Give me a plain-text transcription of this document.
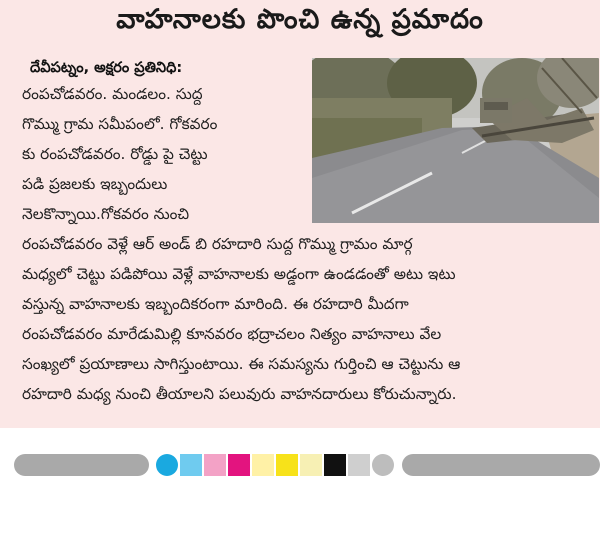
వాహనాలకు పొంచి ఉన్న ప్రమాదం
దేవీపట్నం, అక్షరం ప్రతినిధి:
రంపచోడవరం. మండలం. సుద్ద
గొమ్ము గ్రామ సమీపంలో. గోకవరం
కు రంపచోడవరం. రోడ్డు పై చెట్టు
పడి ప్రజలకు ఇబ్బందులు
నెలకొన్నాయి.గోకవరం నుంచి
రంపచోడవరం వెళ్లే ఆర్ అండ్ బి రహదారి సుద్ద గొమ్ము గ్రామం మార్గ
మధ్యలో చెట్టు పడిపోయి వెళ్లే వాహనాలకు అడ్డంగా ఉండడంతో అటు ఇటు
వస్తున్న వాహనాలకు ఇబ్బందికరంగా మారింది. ఈ రహదారి మీదగా
రంపచోడవరం మారేడుమిల్లి కూనవరం భద్రాచలం నిత్యం వాహనాలు వేల
సంఖ్యలో ప్రయాణాలు సాగిస్తుంటాయి. ఈ సమస్యను గుర్తించి ఆ చెట్టును ఆ
రహదారి మధ్య నుంచి తీయాలని పలువురు వాహనదారులు కోరుచున్నారు.
